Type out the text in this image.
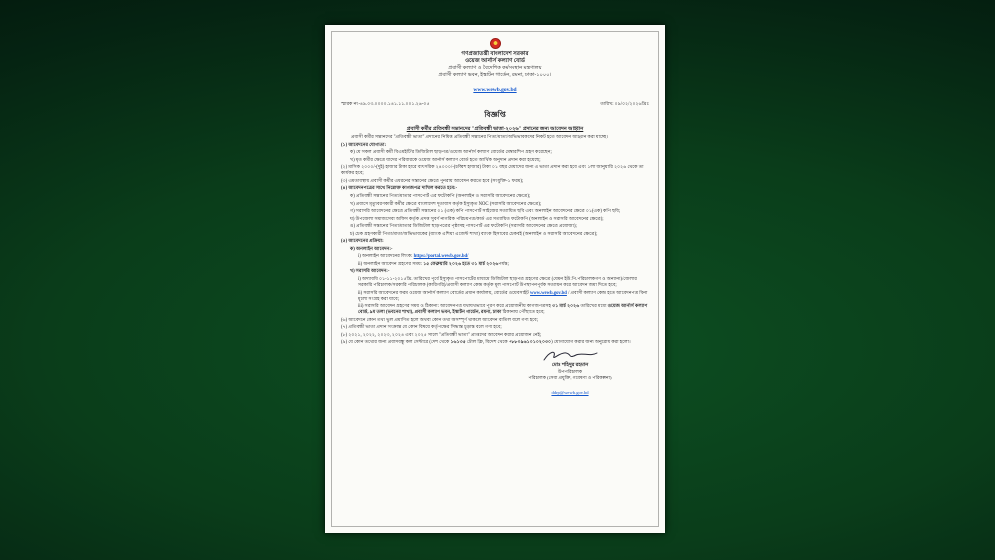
গণপ্রজাতন্ত্রী বাংলাদেশ সরকার
ওয়েজ আর্নার্স কল্যাণ বোর্ড
প্রবাসী কল্যাণ ও বৈদেশিক কর্মসংস্থান মন্ত্রণালয়
প্রবাসী কল্যাণ ভবন, ইস্কাটন গার্ডেন, রমনা, ঢাকা-১০০০।
www.wewb.gov.bd
স্মারক নং-৪৯.০৩.০০০০.১৪১.১১.০০১.২৬-০৫	তারিখ: ০৯/০২/২০২৬খ্রিঃ
বিজ্ঞপ্তি
প্রবাসী কর্মীর প্রতিবন্ধী সন্তানদের "প্রতিবন্ধী ভাতা-২০২৬" প্রদানের জন্য আবেদন আহ্বান
প্রবাসী কর্মীর সন্তানদের "প্রতিবন্ধী ভাতা" প্রদানের নিমিত্ত প্রতিবন্ধী সন্তানের পিতা/মাতা/অভিভাবকদের নিকট হতে আবেদন আহ্বান করা যাচ্ছে।
(১) আবেদনের যোগ্যতা:
ক) যে সকল প্রবাসী কর্মী বিএমইটি'র ডিজিটাল ছাড়পত্র/ওয়েজ আর্নার্স কল্যাণ বোর্ডের মেম্বারশিপ গ্রহণ করেছেন;
খ) মৃত কর্মীর ক্ষেত্রে যাদের পরিবারকে ওয়েজ আর্নার্স কল্যাণ বোর্ড হতে আর্থিক অনুদান প্রদান করা হয়েছে;
(২) মাসিক ২০০০/-(দুই) হাজার টাকা হারে বাৎসরিক ২৪০০০/-(চব্বিশ হাজার) টাকা ০১ বছর মেয়াদের জন্য এ ভাতা প্রদান করা হবে এবং ১লা জানুয়ারি ২০২৬ থেকে তা কার্যকর হবে;
(৩) এমতাবস্থায় প্রবাসী কর্মীর এধরনের সন্তানের ক্ষেত্রে পুনরায় আবেদন করতে হবে (সংযুক্তি-১ ফরম);
(৪) আবেদনপত্রের সাথে নিম্নোক্ত কাগজপত্র দাখিল করতে হবে:-
ক) প্রতিবন্ধী সন্তানের পিতা/মাতার পাসপোর্ট এর ফটোকপি (অনলাইন ও সরাসরি আবেদনের ক্ষেত্রে);
খ) প্রবাসে মৃত্যুবরণকারী কর্মীর ক্ষেত্রে বাংলাদেশ দূতাবাস কর্তৃক ইস্যুকৃত NOC (সরাসরি আবেদনের ক্ষেত্রে);
গ) সরাসরি আবেদনের ক্ষেত্রে প্রতিবন্ধী সন্তানের ০১ (এক) কপি পাসপোর্ট সাইজের সত্যায়িত ছবি এবং অনলাইন আবেদনের ক্ষেত্রে ০১(এক) কপি ছবি;
ঘ) উপজেলা সমাজসেবা অফিস কর্তৃক প্রদত্ত সুবর্ণ নাগরিক পরিচয়পত্র/কার্ড এর সত্যায়িত ফটোকপি (অনলাইন ও সরাসরি আবেদনের ক্ষেত্রে);
ঙ) প্রতিবন্ধী সন্তানের পিতা/মাতার ডিজিটাল ছাড়পত্রের পৃষ্ঠাসহ পাসপোর্ট এর ফটোকপি (সরাসরি আবেদনের ক্ষেত্রে প্রযোজ্য);
চ) চেক গ্রহণকারী পিতা/মাতা/অভিভাবকের (ব্যাংক এশিয়া এজেন্ট শাখা) ব্যাংক হিসাবের চেকবই (অনলাইন ও সরাসরি আবেদনের ক্ষেত্রে);
(৫) আবেদনের প্রক্রিয়া:
ক) অনলাইন আবেদন:-
i) অনলাইন আবেদনের লিংক: https://portal.wewb.gov.bd/
ii) অনলাইন আবেদন গ্রহণের সময়: ১৫ ফেব্রুয়ারি ২০২৬ হতে ৩১ মার্চ ২০২৬পর্যন্ত;
খ) সরাসরি আবেদন:-
i) অদ্যাবধি ০১-১১-২০১৫খ্রি. তারিখের পূর্বে ইস্যুকৃত পাসপোর্টের মাধ্যমে ডিজিটাল ছাড়পত্র গ্রহণের ক্ষেত্রে (যেমন ইউ.পি.পরিচালকগণ ও অন্যান্য)/জেলার সরকারি পরিচালক/সরকারি পরিচালক (কারিগরি)/প্রবাসী কল্যাণ কেন্দ্র কর্তৃক মূল পাসপোর্ট উপস্থাপনপূর্বক সত্যায়ন করে আবেদন জমা দিতে হবে;
ii) সরাসরি আবেদনের ফরম ওয়েজ আর্নার্স কল্যাণ বোর্ডের প্রধান কার্যালয়, বোর্ডের ওয়েবসাইট www.wewb.gov.bd / প্রবাসী কল্যাণ কেন্দ্র হতে আবেদনপত্র বিনা মূল্যে সংগ্রহ করা যাবে;
iii) সরাসরি আবেদন গ্রহণের সময় ও ঠিকানা: আবেদনপত্র যথাযথভাবে পূরণ করে প্রয়োজনীয় কাগজপত্রসহ ৩১ মার্চ ২০২৬ তারিখের মধ্যে ওয়েজ আর্নার্স কল্যাণ বোর্ড, ৯ম তলা (ভবনের শাখা), প্রবাসী কল্যাণ ভবন, ইস্কাটন গার্ডেন, রমনা, ঢাকা ঠিকানায় পৌঁছাতে হবে;
(৬) আবেদনে কোন তথ্য ভুল প্রমাণিত হলে অথবা কোন তথ্য অসম্পূর্ণ থাকলে আবেদন বাতিল বলে গণ্য হবে;
(৭) প্রতিবন্ধী ভাতা প্রদান সংক্রান্ত যে কোন বিষয়ে কর্তৃপক্ষের সিদ্ধান্ত চূড়ান্ত বলে গণ্য হবে;
(৮) ২০২১, ২০২২, ২০২৩, ২০২৪ এবং ২০২৫ সালে "প্রতিবন্ধী ভাতা" প্রাপ্তদের আবেদন করার প্রয়োজন নেই;
(৯) যে কোন তথ্যের জন্য প্রবাসবন্ধু কল সেন্টারে (দেশ থেকে ১৬১৩৫ টোল ফ্রি, বিদেশ থেকে +৮৮০৯৬১০১০২০৩০) যোগাযোগ করার জন্য অনুরোধ করা হলো।
মোঃ শহিদুর রহমান
উপপরিচালক
পরিচালক (সেবা প্রযুক্তি, গবেষণা ও পরিকল্পনা)
ddrp@wewb.gov.bd
